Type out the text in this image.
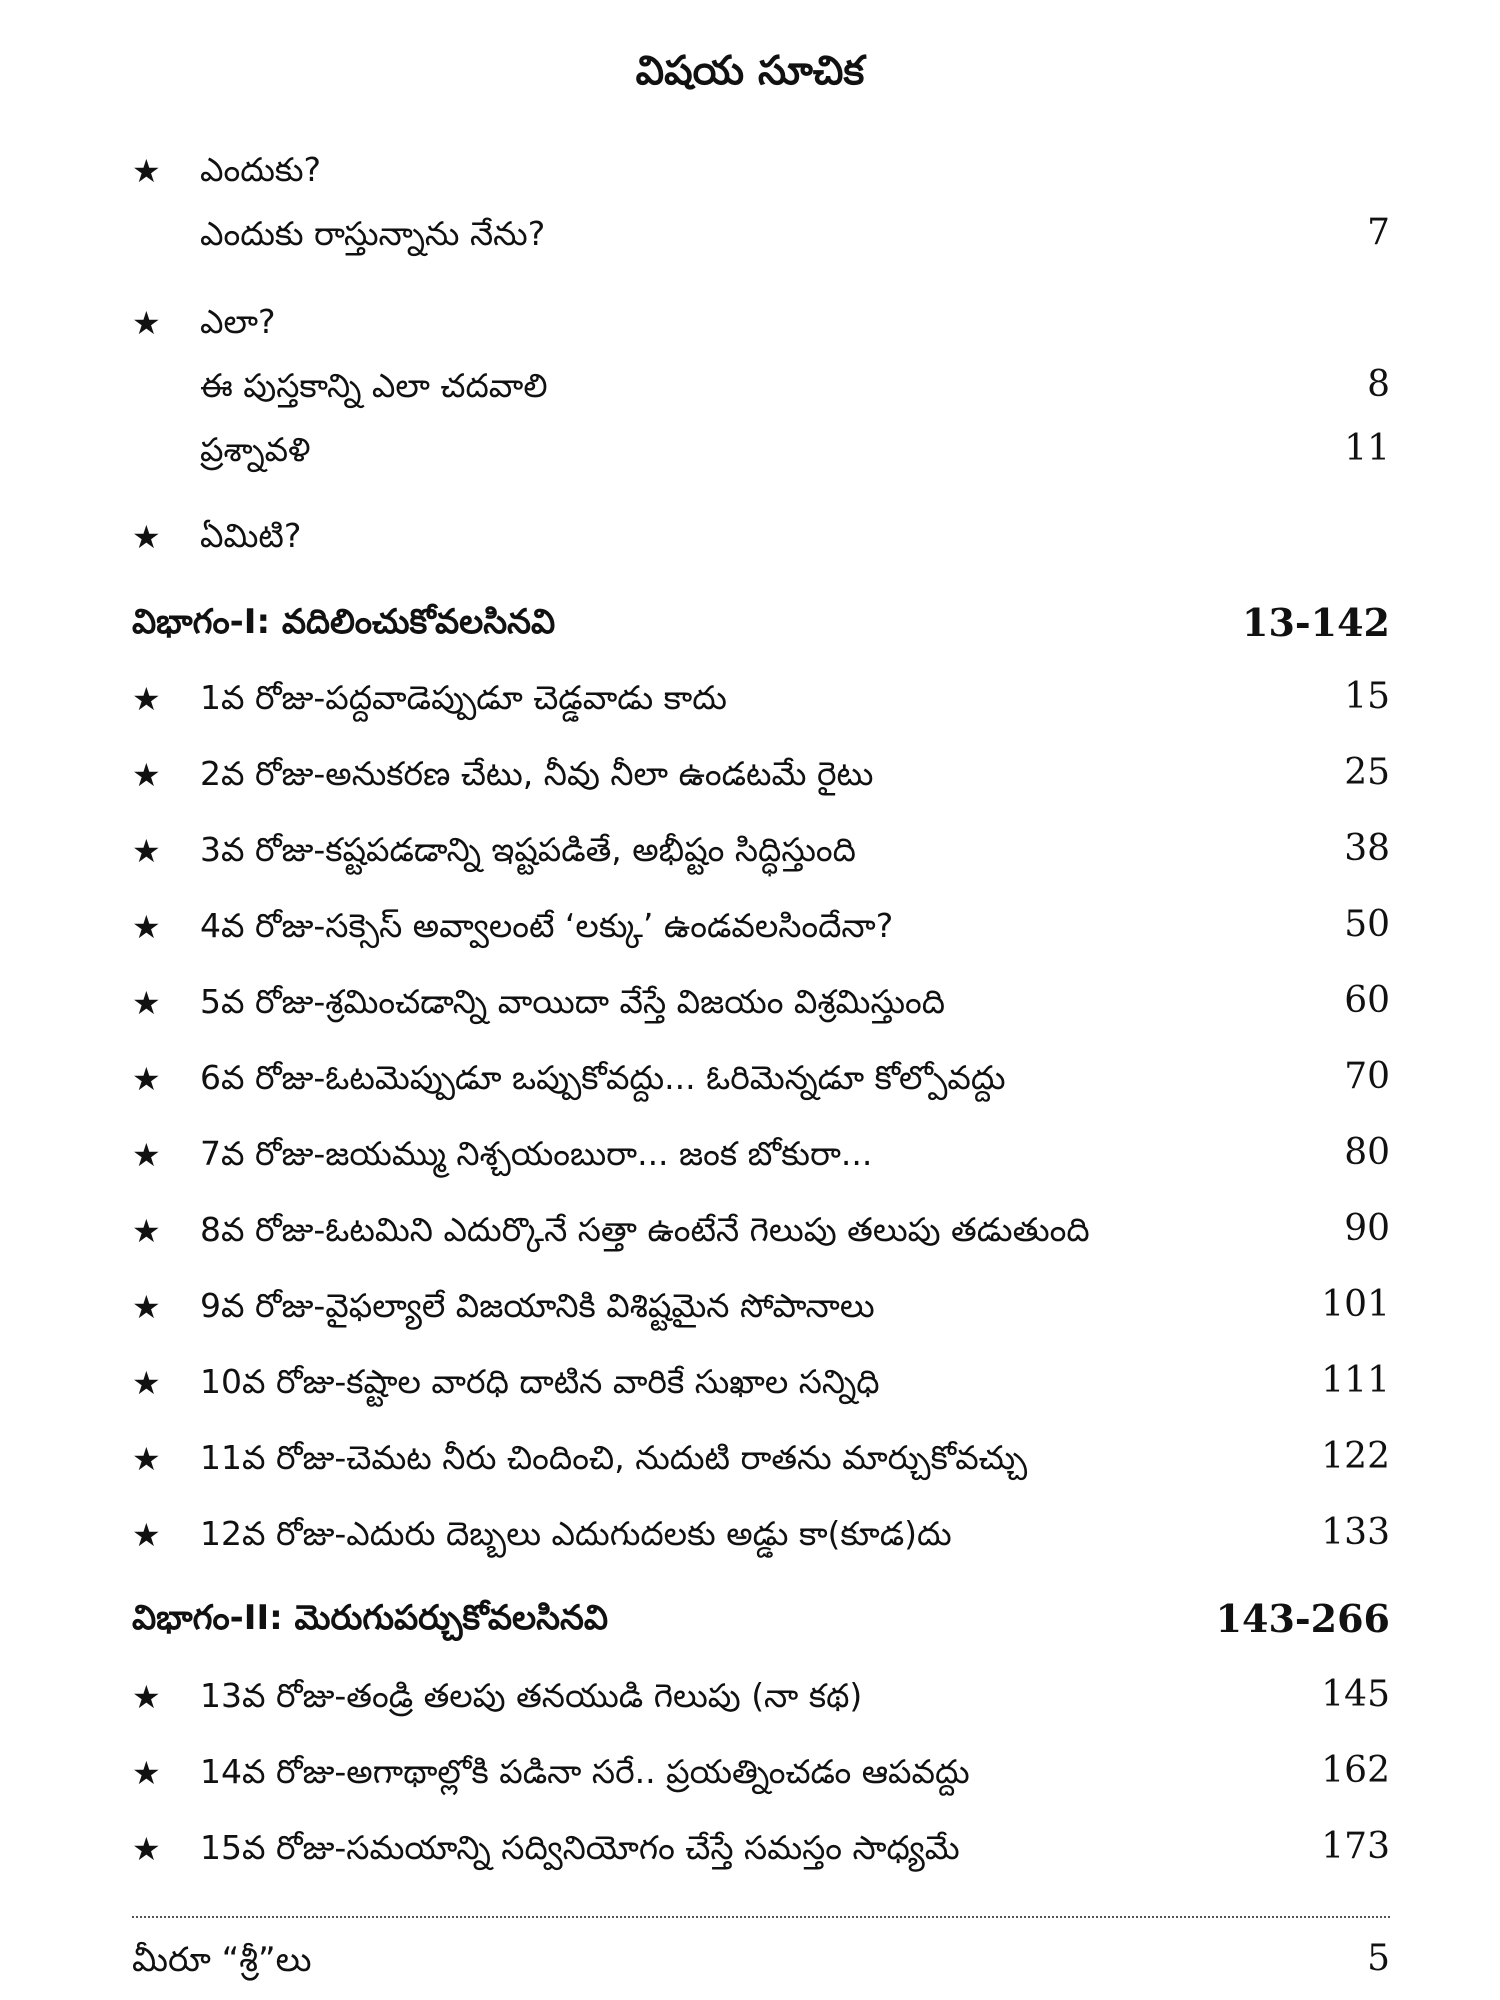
విషయ సూచిక
★ ఎందుకు?
ఎందుకు రాస్తున్నాను నేను?	7
★ ఎలా?
ఈ పుస్తకాన్ని ఎలా చదవాలి	8
ప్రశ్నావళి	11
★ ఏమిటి?
విభాగం-I: వదిలించుకోవలసినవి	13-142
★ 1వ రోజు-పద్దవాడెప్పుడూ చెడ్డవాడు కాదు	15
★ 2వ రోజు-అనుకరణ చేటు, నీవు నీలా ఉండటమే రైటు	25
★ 3వ రోజు-కష్టపడడాన్ని ఇష్టపడితే, అభీష్టం సిద్ధిస్తుంది	38
★ 4వ రోజు-సక్సెస్ అవ్వాలంటే ‘లక్కు’ ఉండవలసిందేనా?	50
★ 5వ రోజు-శ్రమించడాన్ని వాయిదా వేస్తే విజయం విశ్రమిస్తుంది	60
★ 6వ రోజు-ఓటమెప్పుడూ ఒప్పుకోవద్దు... ఓరిమెన్నడూ కోల్పోవద్దు	70
★ 7వ రోజు-జయమ్ము నిశ్చయంబురా... జంక బోకురా...	80
★ 8వ రోజు-ఓటమిని ఎదుర్కొనే సత్తా ఉంటేనే గెలుపు తలుపు తడుతుంది	90
★ 9వ రోజు-వైఫల్యాలే విజయానికి విశిష్టమైన సోపానాలు	101
★ 10వ రోజు-కష్టాల వారధి దాటిన వారికే సుఖాల సన్నిధి	111
★ 11వ రోజు-చెమట నీరు చిందించి, నుదుటి రాతను మార్చుకోవచ్చు	122
★ 12వ రోజు-ఎదురు దెబ్బలు ఎదుగుదలకు అడ్డు కా(కూడ)దు	133
విభాగం-II: మెరుగుపర్చుకోవలసినవి	143-266
★ 13వ రోజు-తండ్రి తలపు తనయుడి గెలుపు (నా కథ)	145
★ 14వ రోజు-అగాథాల్లోకి పడినా సరే.. ప్రయత్నించడం ఆపవద్దు	162
★ 15వ రోజు-సమయాన్ని సద్వినియోగం చేస్తే సమస్తం సాధ్యమే	173
మీరూ “శ్రీ”లు	5
